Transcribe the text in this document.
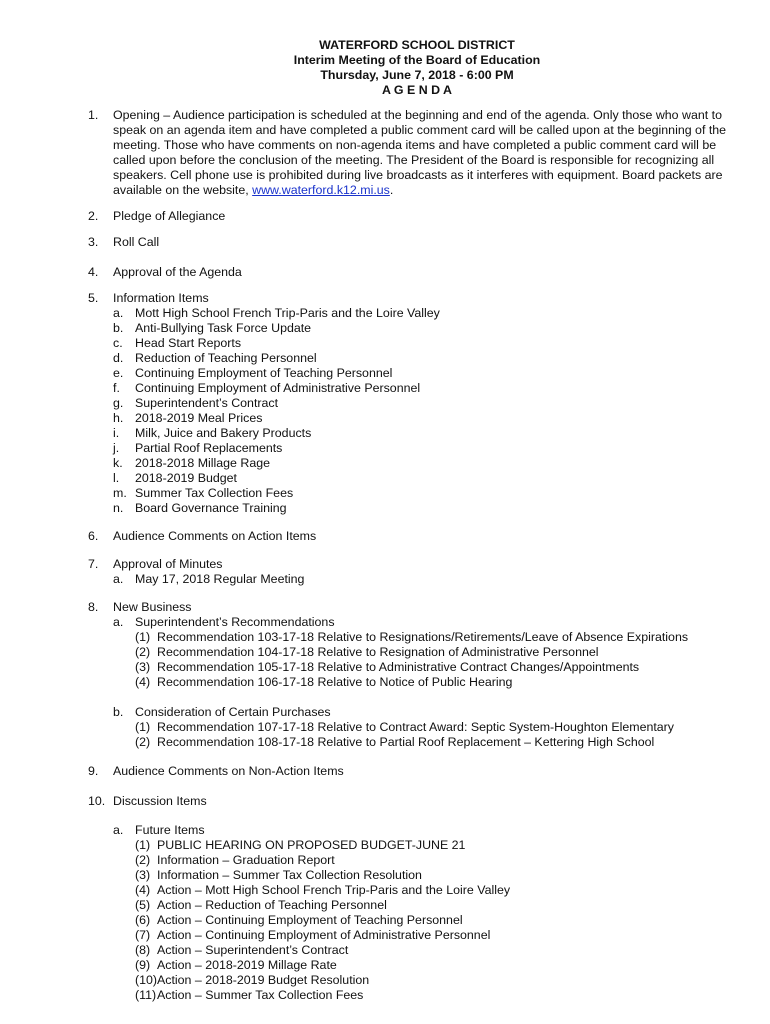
WATERFORD SCHOOL DISTRICT
Interim Meeting of the Board of Education
Thursday, June 7, 2018 - 6:00 PM
A G E N D A
1. Opening – Audience participation is scheduled at the beginning and end of the agenda. Only those who want to speak on an agenda item and have completed a public comment card will be called upon at the beginning of the meeting. Those who have comments on non-agenda items and have completed a public comment card will be called upon before the conclusion of the meeting. The President of the Board is responsible for recognizing all speakers. Cell phone use is prohibited during live broadcasts as it interferes with equipment. Board packets are available on the website, www.waterford.k12.mi.us.
2. Pledge of Allegiance
3. Roll Call
4. Approval of the Agenda
5. Information Items
a. Mott High School French Trip-Paris and the Loire Valley
b. Anti-Bullying Task Force Update
c. Head Start Reports
d. Reduction of Teaching Personnel
e. Continuing Employment of Teaching Personnel
f. Continuing Employment of Administrative Personnel
g. Superintendent’s Contract
h. 2018-2019 Meal Prices
i. Milk, Juice and Bakery Products
j. Partial Roof Replacements
k. 2018-2018 Millage Rage
l. 2018-2019 Budget
m. Summer Tax Collection Fees
n. Board Governance Training
6. Audience Comments on Action Items
7. Approval of Minutes
a. May 17, 2018 Regular Meeting
8. New Business
a. Superintendent’s Recommendations
(1) Recommendation 103-17-18 Relative to Resignations/Retirements/Leave of Absence Expirations
(2) Recommendation 104-17-18 Relative to Resignation of Administrative Personnel
(3) Recommendation 105-17-18 Relative to Administrative Contract Changes/Appointments
(4) Recommendation 106-17-18 Relative to Notice of Public Hearing
b. Consideration of Certain Purchases
(1) Recommendation 107-17-18 Relative to Contract Award: Septic System-Houghton Elementary
(2) Recommendation 108-17-18 Relative to Partial Roof Replacement – Kettering High School
9. Audience Comments on Non-Action Items
10. Discussion Items
a. Future Items
(1) PUBLIC HEARING ON PROPOSED BUDGET-JUNE 21
(2) Information – Graduation Report
(3) Information – Summer Tax Collection Resolution
(4) Action – Mott High School French Trip-Paris and the Loire Valley
(5) Action – Reduction of Teaching Personnel
(6) Action – Continuing Employment of Teaching Personnel
(7) Action – Continuing Employment of Administrative Personnel
(8) Action – Superintendent’s Contract
(9) Action – 2018-2019 Millage Rate
(10) Action – 2018-2019 Budget Resolution
(11) Action – Summer Tax Collection Fees
